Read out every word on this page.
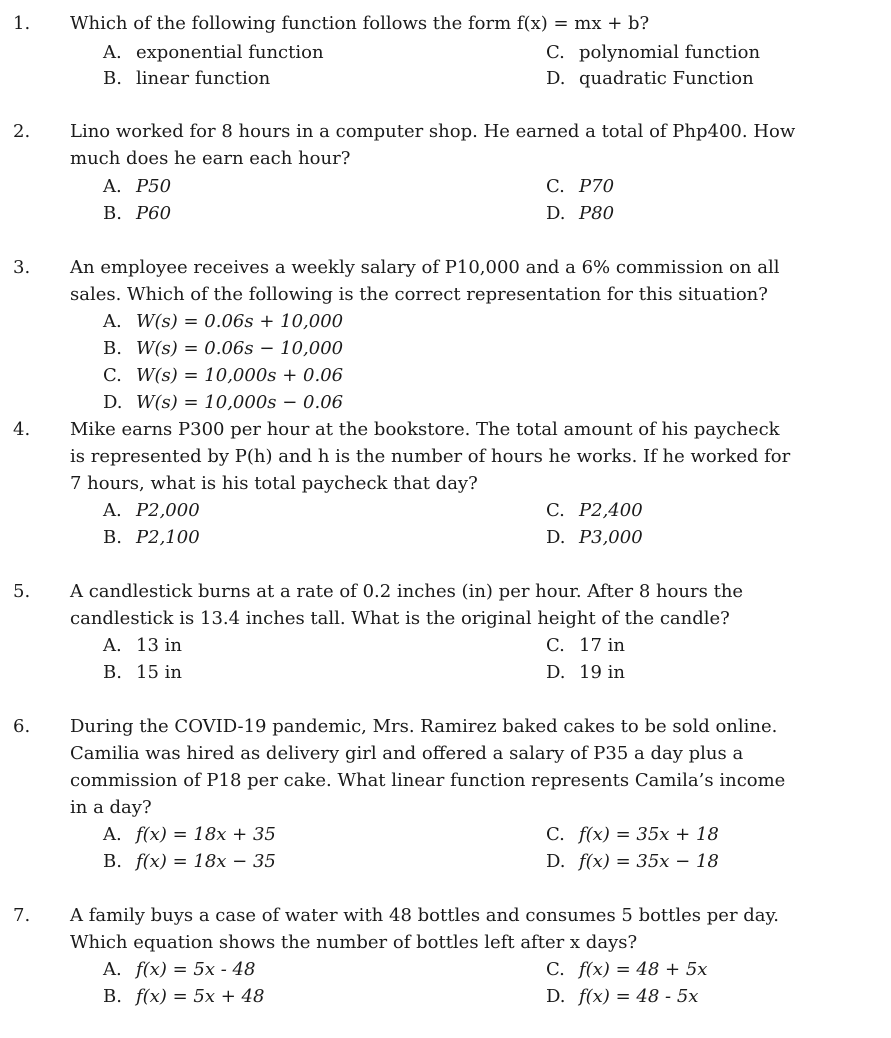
1. Which of the following function follows the form f(x) = mx + b?
A. exponential function	C. polynomial function
B. linear function	D. quadratic Function
2. Lino worked for 8 hours in a computer shop. He earned a total of Php400. How
much does he earn each hour?
A. P50	C. P70
B. P60	D. P80
3. An employee receives a weekly salary of P10,000 and a 6% commission on all
sales. Which of the following is the correct representation for this situation?
A. W(s) = 0.06s + 10,000
B. W(s) = 0.06s − 10,000
C. W(s) = 10,000s + 0.06
D. W(s) = 10,000s − 0.06
4. Mike earns P300 per hour at the bookstore. The total amount of his paycheck
is represented by P(h) and h is the number of hours he works. If he worked for
7 hours, what is his total paycheck that day?
A. P2,000	C. P2,400
B. P2,100	D. P3,000
5. A candlestick burns at a rate of 0.2 inches (in) per hour. After 8 hours the
candlestick is 13.4 inches tall. What is the original height of the candle?
A. 13 in	C. 17 in
B. 15 in	D. 19 in
6. During the COVID-19 pandemic, Mrs. Ramirez baked cakes to be sold online.
Camilia was hired as delivery girl and offered a salary of P35 a day plus a
commission of P18 per cake. What linear function represents Camila’s income
in a day?
A. f(x) = 18x + 35	C. f(x) = 35x + 18
B. f(x) = 18x − 35	D. f(x) = 35x − 18
7. A family buys a case of water with 48 bottles and consumes 5 bottles per day.
Which equation shows the number of bottles left after x days?
A. f(x) = 5x - 48	C. f(x) = 48 + 5x
B. f(x) = 5x + 48	D. f(x) = 48 - 5x
